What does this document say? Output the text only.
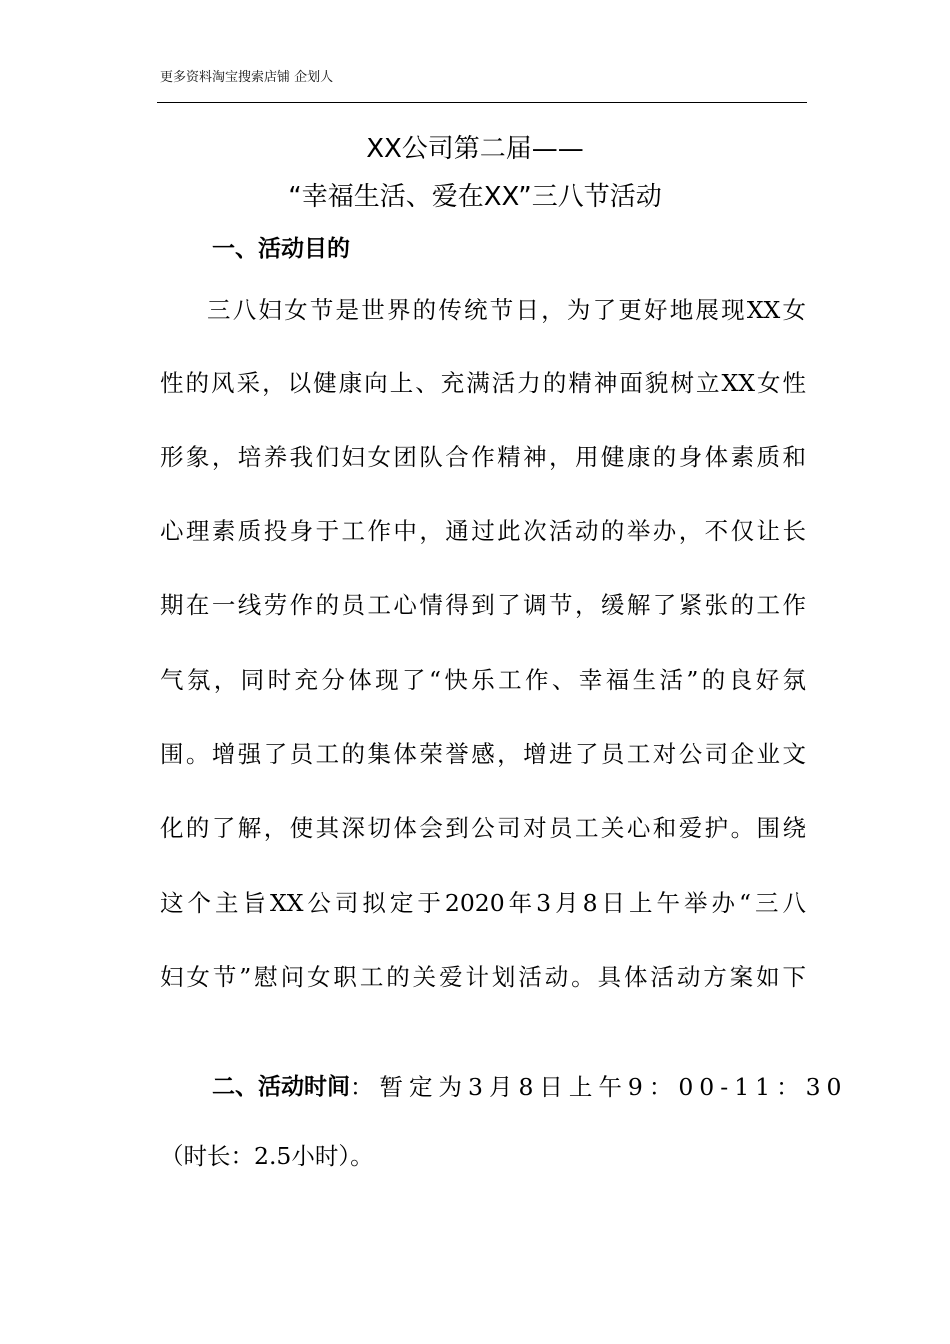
更多资料淘宝搜索店铺 企划人
XX公司第二届——
“幸福生活、爱在XX”三八节活动
一、活动目的
三八妇女节是世界的传统节日，为了更好地展现XX女
性的风采，以健康向上、充满活力的精神面貌树立XX女性
形象，培养我们妇女团队合作精神，用健康的身体素质和
心理素质投身于工作中，通过此次活动的举办，不仅让长
期在一线劳作的员工心情得到了调节，缓解了紧张的工作
气氛，同时充分体现了“快乐工作、幸福生活”的良好氛
围。增强了员工的集体荣誉感，增进了员工对公司企业文
化的了解，使其深切体会到公司对员工关心和爱护。围绕
这个主旨XX公司拟定于2020年3月8日上午举办“三八
妇女节”慰问女职工的关爱计划活动。具体活动方案如下
二、活动时间 ：暂定为3月8日上午9：00-11：30
（时长：2.5小时）。
